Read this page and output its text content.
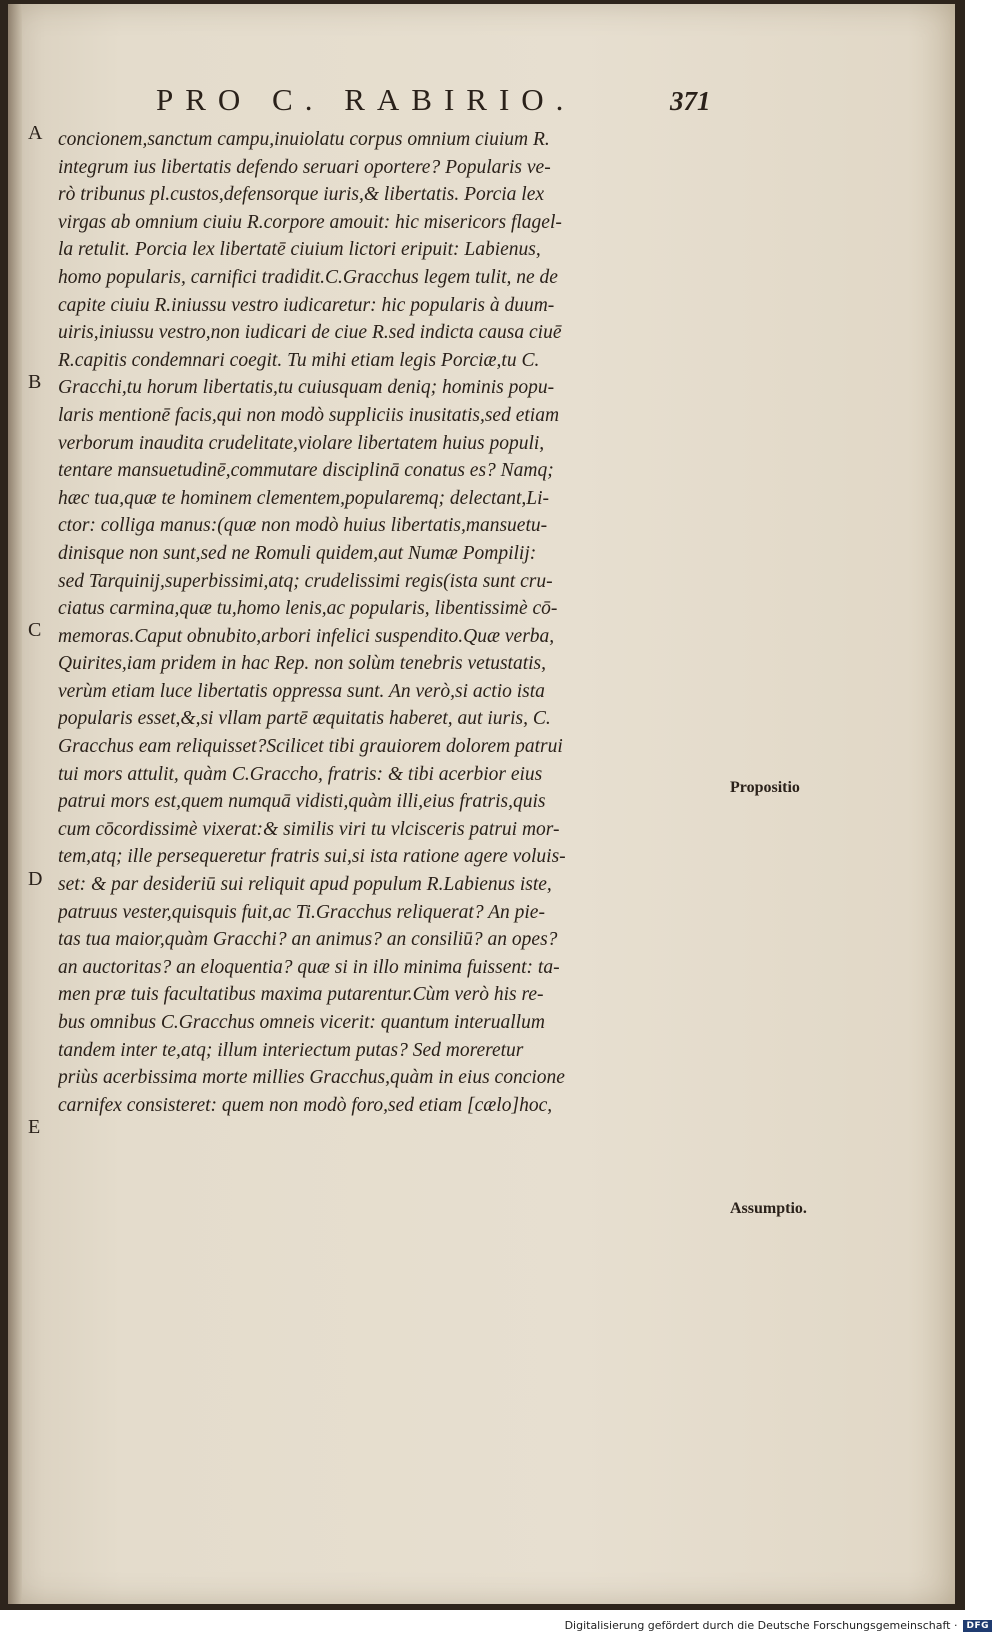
PRO C. RABIRIO.	371
A
B
C
D
E
concionem,sanctum campu,inuiolatu corpus omnium ciuium R.
integrum ius libertatis defendo seruari oportere? Popularis ve-
rò tribunus pl.custos,defensorque iuris,& libertatis. Porcia lex
virgas ab omnium ciuiu R.corpore amouit: hic misericors flagel-
la retulit. Porcia lex libertatē ciuium lictori eripuit: Labienus,
homo popularis, carnifici tradidit.C.Gracchus legem tulit, ne de
capite ciuiu R.iniussu vestro iudicaretur: hic popularis à duum-
uiris,iniussu vestro,non iudicari de ciue R.sed indicta causa ciuē
R.capitis condemnari coegit. Tu mihi etiam legis Porciæ,tu C.
Gracchi,tu horum libertatis,tu cuiusquam deniq; hominis popu-
laris mentionē facis,qui non modò suppliciis inusitatis,sed etiam
verborum inaudita crudelitate,violare libertatem huius populi,
tentare mansuetudinē,commutare disciplinā conatus es? Namq;
hæc tua,quæ te hominem clementem,popularemq; delectant,Li-
ctor: colliga manus:(quæ non modò huius libertatis,mansuetu-
dinisque non sunt,sed ne Romuli quidem,aut Numæ Pompilij:
sed Tarquinij,superbissimi,atq; crudelissimi regis(ista sunt cru-
ciatus carmina,quæ tu,homo lenis,ac popularis, libentissimè cō-
memoras.Caput obnubito,arbori infelici suspendito.Quæ verba,
Quirites,iam pridem in hac Rep. non solùm tenebris vetustatis,
verùm etiam luce libertatis oppressa sunt. An verò,si actio ista
popularis esset,&,si vllam partē æquitatis haberet, aut iuris, C.
Gracchus eam reliquisset?Scilicet tibi grauiorem dolorem patrui
tui mors attulit, quàm C.Graccho, fratris: & tibi acerbior eius
patrui mors est,quem numquā vidisti,quàm illi,eius fratris,quis
cum cōcordissimè vixerat:& similis viri tu vlcisceris patrui mor-
tem,atq; ille persequeretur fratris sui,si ista ratione agere voluis-
set: & par desideriū sui reliquit apud populum R.Labienus iste,
patruus vester,quisquis fuit,ac Ti.Gracchus reliquerat? An pie-
tas tua maior,quàm Gracchi? an animus? an consiliū? an opes?
an auctoritas? an eloquentia? quæ si in illo minima fuissent: ta-
men præ tuis facultatibus maxima putarentur.Cùm verò his re-
bus omnibus C.Gracchus omneis vicerit: quantum interuallum
tandem inter te,atq; illum interiectum putas? Sed moreretur
priùs acerbissima morte millies Gracchus,quàm in eius concione
carnifex consisteret: quem non modò foro,sed etiam [cælo]hoc,
Propositio
Assumptio.
Digitalisierung gefördert durch die Deutsche Forschungsgemeinschaft ·	DFG
